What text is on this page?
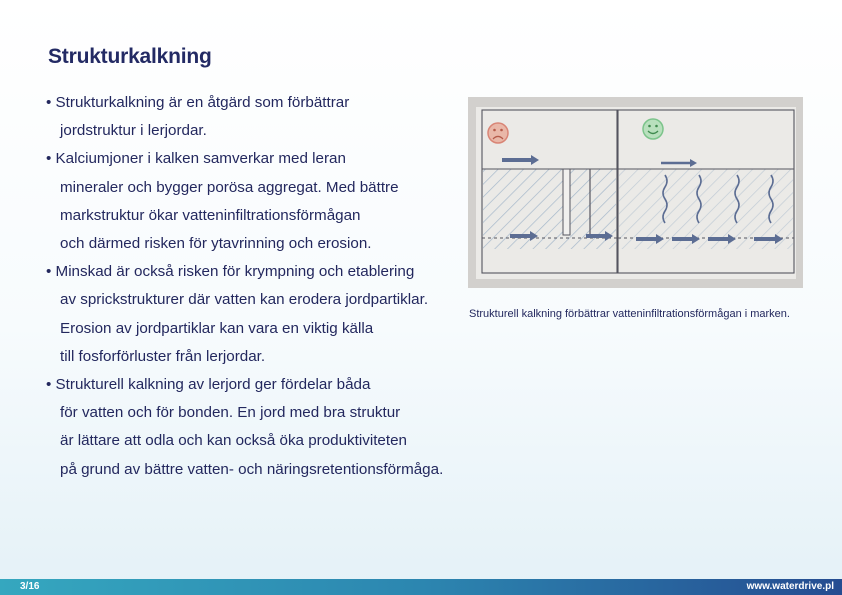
Strukturkalkning
• Strukturkalkning är en åtgärd som förbättrar
jordstruktur i lerjordar.
• Kalciumjoner i kalken samverkar med leran
mineraler och bygger porösa aggregat. Med bättre
markstruktur ökar vatteninfiltrationsförmågan
och därmed risken för ytavrinning och erosion.
• Minskad är också risken för krympning och etablering
av sprickstrukturer där vatten kan erodera jordpartiklar.
Erosion av jordpartiklar kan vara en viktig källa
till fosforförluster från lerjordar.
• Strukturell kalkning av lerjord ger fördelar båda
för vatten och för bonden. En jord med bra struktur
är lättare att odla och kan också öka produktiviteten
på grund av bättre vatten- och näringsretentionsförmåga.
Strukturell kalkning förbättrar vatteninfiltrationsförmågan i marken.
3/16	www.waterdrive.pl
